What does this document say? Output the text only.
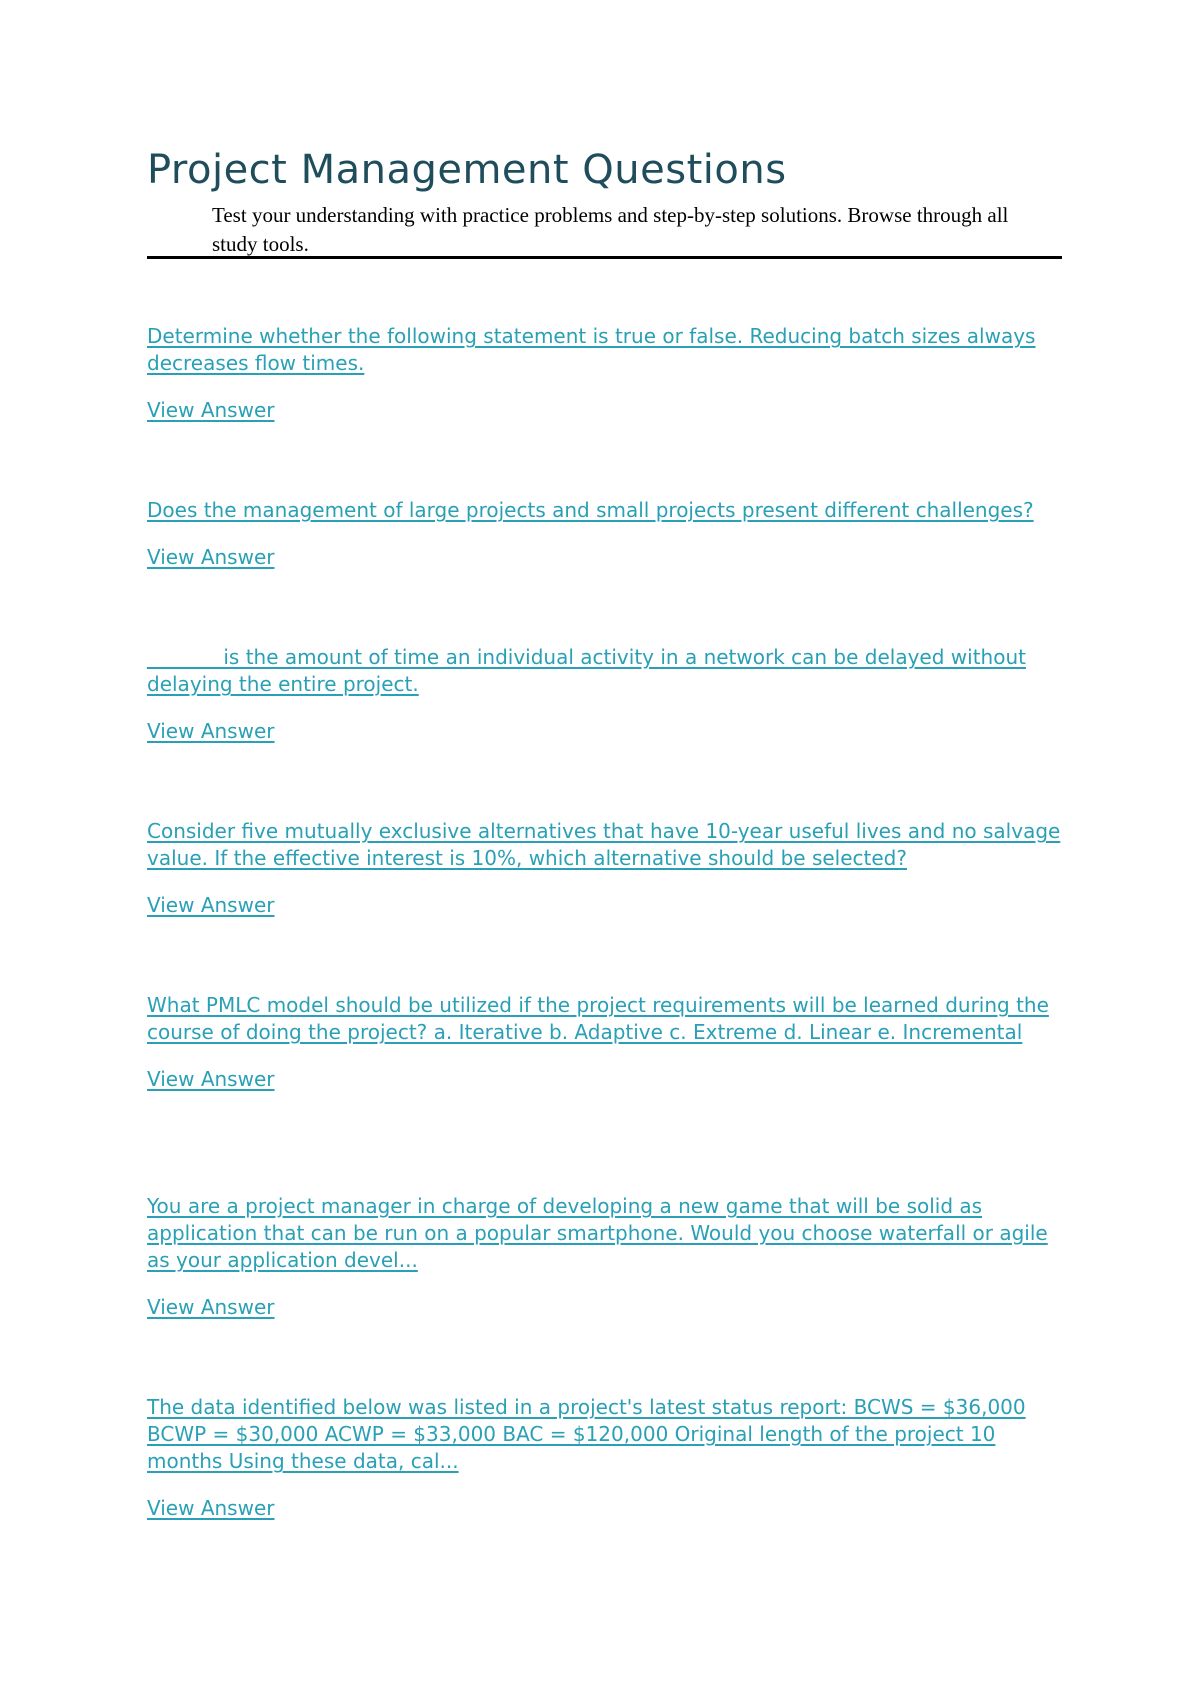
Project Management Questions

Test your understanding with practice problems and step-by-step solutions. Browse through all study tools.

Determine whether the following statement is true or false. Reducing batch sizes always decreases flow times.
View Answer
Does the management of large projects and small projects present different challenges?
View Answer
_______ is the amount of time an individual activity in a network can be delayed without delaying the entire project.
View Answer
Consider five mutually exclusive alternatives that have 10-year useful lives and no salvage value. If the effective interest is 10%, which alternative should be selected?
View Answer
What PMLC model should be utilized if the project requirements will be learned during the course of doing the project? a. Iterative b. Adaptive c. Extreme d. Linear e. Incremental
View Answer
You are a project manager in charge of developing a new game that will be solid as application that can be run on a popular smartphone. Would you choose waterfall or agile as your application devel...
View Answer
The data identified below was listed in a project's latest status report: BCWS = $36,000 BCWP = $30,000 ACWP = $33,000 BAC = $120,000 Original length of the project 10 months Using these data, cal...
View Answer
